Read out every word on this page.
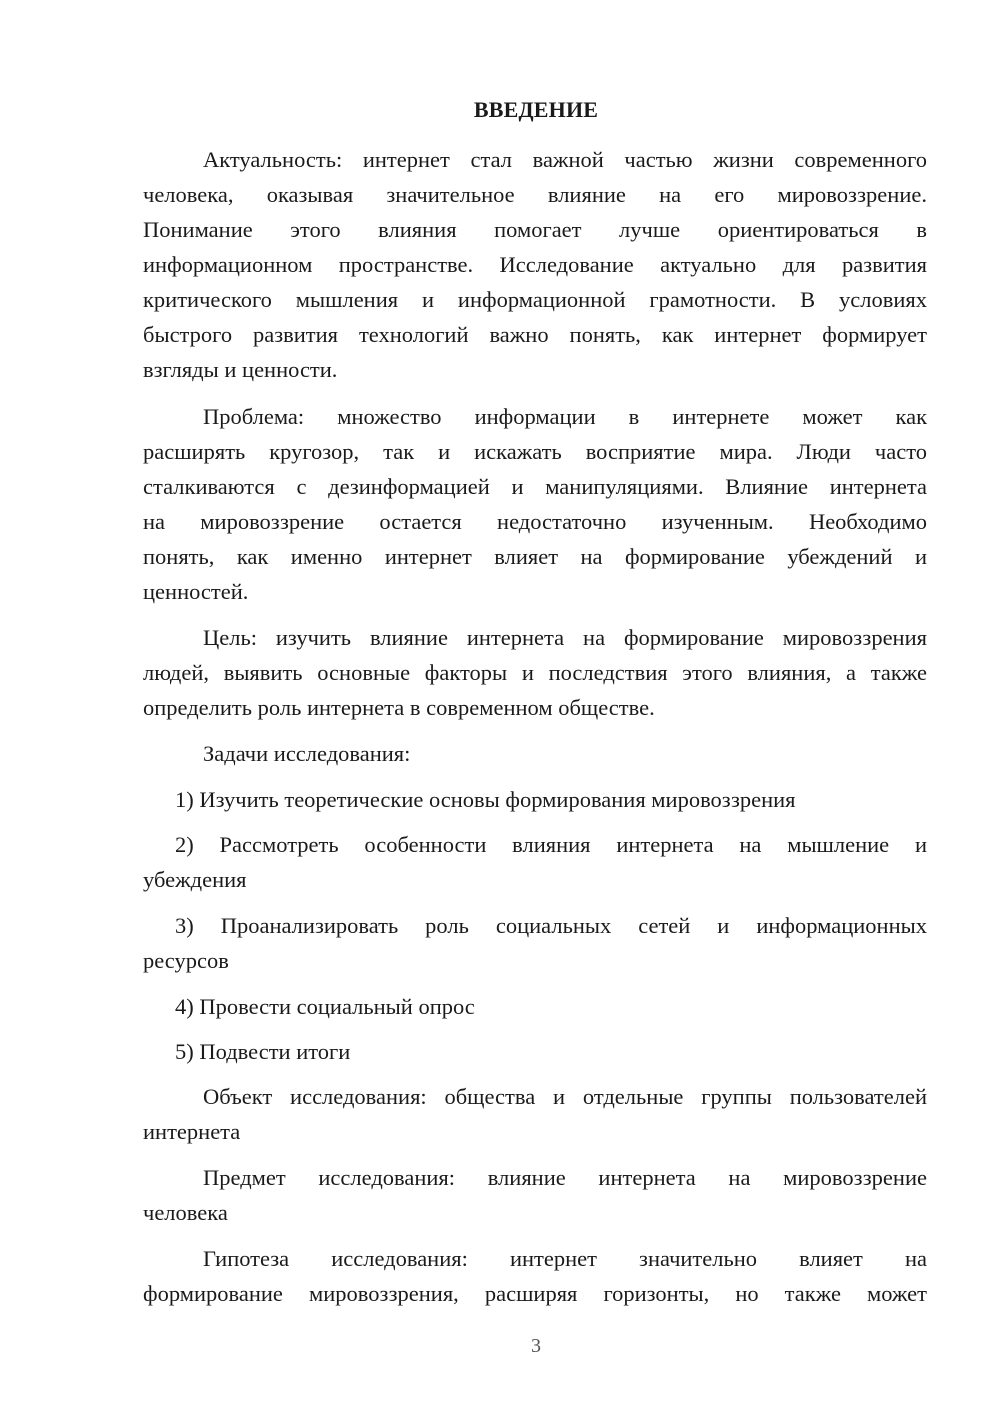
ВВЕДЕНИЕ
Актуальность: интернет стал важной частью жизни современного
человека, оказывая значительное влияние на его мировоззрение.
Понимание этого влияния помогает лучше ориентироваться в
информационном пространстве. Исследование актуально для развития
критического мышления и информационной грамотности. В условиях
быстрого развития технологий важно понять, как интернет формирует
взгляды и ценности.
Проблема: множество информации в интернете может как
расширять кругозор, так и искажать восприятие мира. Люди часто
сталкиваются с дезинформацией и манипуляциями. Влияние интернета
на мировоззрение остается недостаточно изученным. Необходимо
понять, как именно интернет влияет на формирование убеждений и
ценностей.
Цель: изучить влияние интернета на формирование мировоззрения
людей, выявить основные факторы и последствия этого влияния, а также
определить роль интернета в современном обществе.
Задачи исследования:
1) Изучить теоретические основы формирования мировоззрения
2) Рассмотреть особенности влияния интернета на мышление и
убеждения
3) Проанализировать роль социальных сетей и информационных
ресурсов
4) Провести социальный опрос
5) Подвести итоги
Объект исследования: общества и отдельные группы пользователей
интернета
Предмет исследования: влияние интернета на мировоззрение
человека
Гипотеза исследования: интернет значительно влияет на
формирование мировоззрения, расширяя горизонты, но также может
3
